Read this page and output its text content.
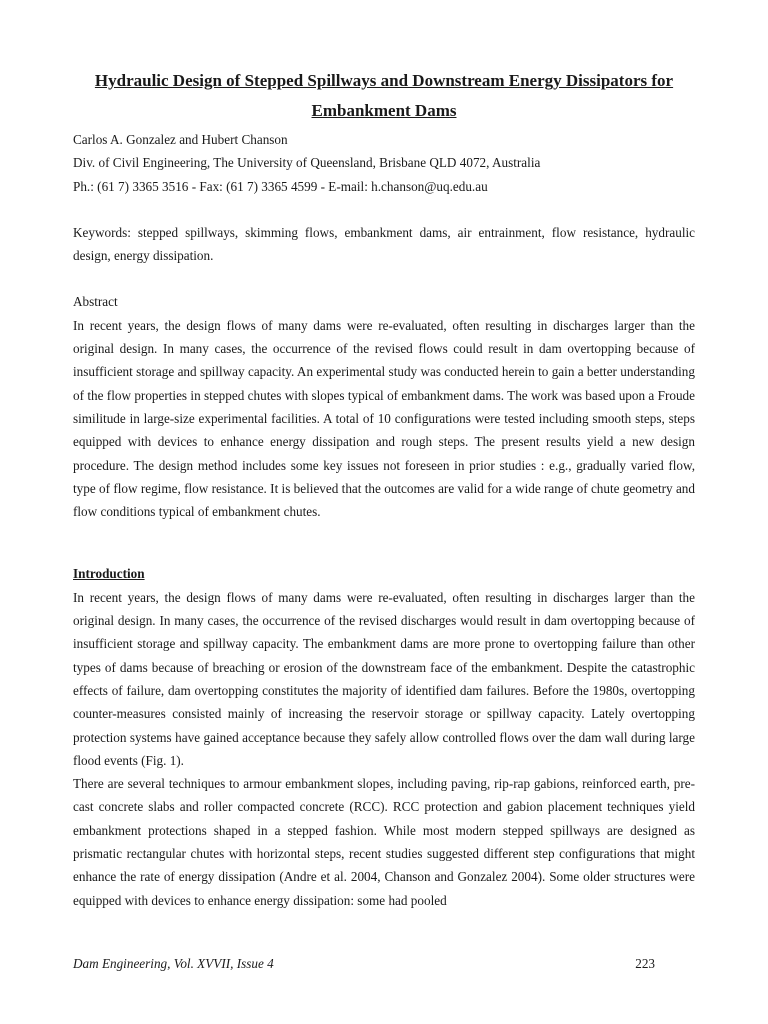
Hydraulic Design of Stepped Spillways and Downstream Energy Dissipators for Embankment Dams

Carlos A. Gonzalez and Hubert Chanson

Div. of Civil Engineering, The University of Queensland, Brisbane QLD 4072, Australia

Ph.: (61 7) 3365 3516 - Fax: (61 7) 3365 4599 - E-mail: h.chanson@uq.edu.au

Keywords: stepped spillways, skimming flows, embankment dams, air entrainment, flow resistance, hydraulic design, energy dissipation.

Abstract

In recent years, the design flows of many dams were re-evaluated, often resulting in discharges larger than the original design. In many cases, the occurrence of the revised flows could result in dam overtopping because of insufficient storage and spillway capacity. An experimental study was conducted herein to gain a better understanding of the flow properties in stepped chutes with slopes typical of embankment dams. The work was based upon a Froude similitude in large-size experimental facilities. A total of 10 configurations were tested including smooth steps, steps equipped with devices to enhance energy dissipation and rough steps. The present results yield a new design procedure. The design method includes some key issues not foreseen in prior studies : e.g., gradually varied flow, type of flow regime, flow resistance. It is believed that the outcomes are valid for a wide range of chute geometry and flow conditions typical of embankment chutes.

Introduction

In recent years, the design flows of many dams were re-evaluated, often resulting in discharges larger than the original design. In many cases, the occurrence of the revised discharges would result in dam overtopping because of insufficient storage and spillway capacity. The embankment dams are more prone to overtopping failure than other types of dams because of breaching or erosion of the downstream face of the embankment. Despite the catastrophic effects of failure, dam overtopping constitutes the majority of identified dam failures. Before the 1980s, overtopping counter-measures consisted mainly of increasing the reservoir storage or spillway capacity. Lately overtopping protection systems have gained acceptance because they safely allow controlled flows over the dam wall during large flood events (Fig. 1).

There are several techniques to armour embankment slopes, including paving, rip-rap gabions, reinforced earth, pre-cast concrete slabs and roller compacted concrete (RCC). RCC protection and gabion placement techniques yield embankment protections shaped in a stepped fashion. While most modern stepped spillways are designed as prismatic rectangular chutes with horizontal steps, recent studies suggested different step configurations that might enhance the rate of energy dissipation (Andre et al. 2004, Chanson and Gonzalez 2004). Some older structures were equipped with devices to enhance energy dissipation: some had pooled

Dam Engineering, Vol. XVVII, Issue 4	223
